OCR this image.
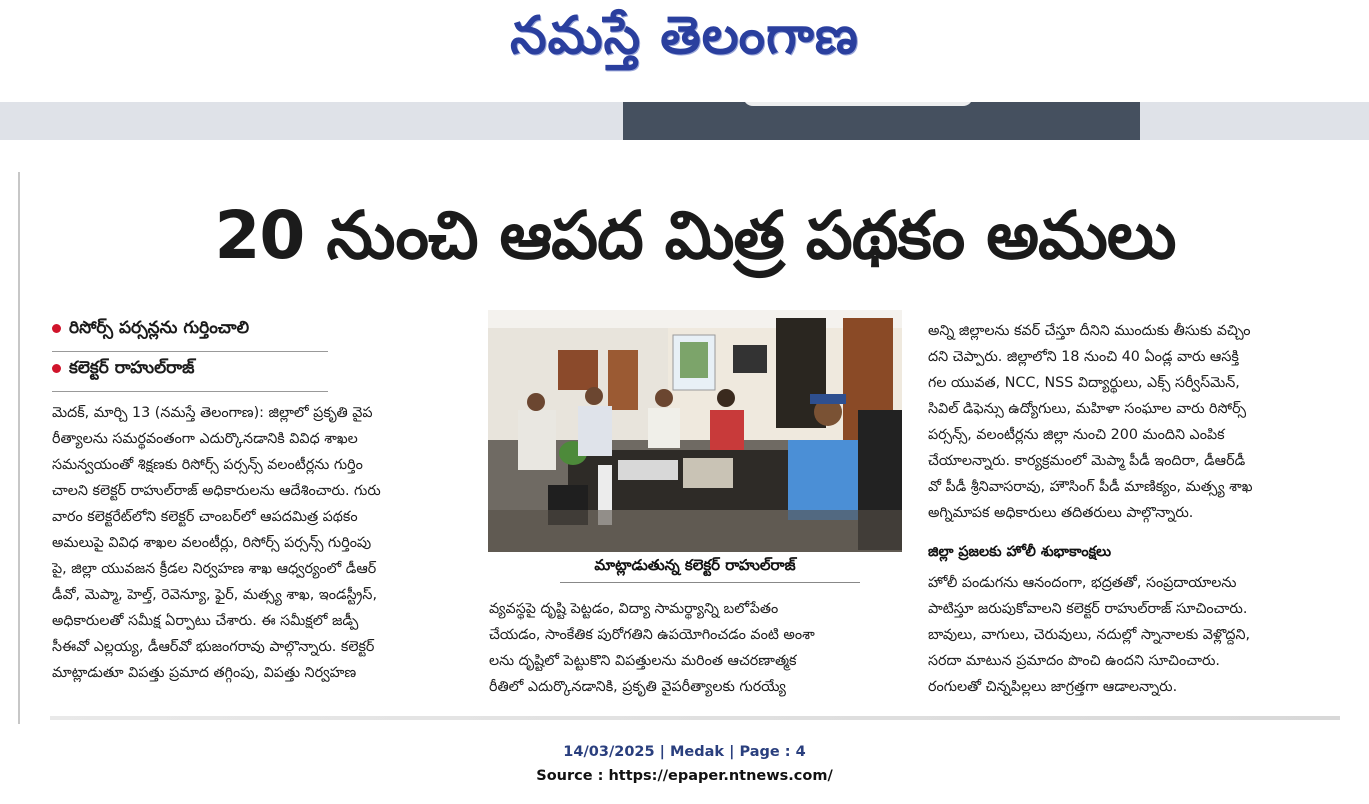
నమస్తే తెలంగాణ
20 నుంచి ఆపద మిత్ర పథకం అమలు
రిసోర్స్ పర్సన్లను గుర్తించాలి
కలెక్టర్ రాహుల్‌రాజ్
మెదక్, మార్చి 13 (నమస్తే తెలంగాణ): జిల్లాలో ప్రకృతి వైప
రీత్యాలను సమర్థవంతంగా ఎదుర్కొనడానికి వివిధ శాఖల
సమన్వయంతో శిక్షణకు రిసోర్స్ పర్సన్స్ వలంటీర్లను గుర్తిం
చాలని కలెక్టర్ రాహుల్‌రాజ్ అధికారులను ఆదేశించారు. గురు
వారం కలెక్టరేట్‌లోని కలెక్టర్ చాంబర్‌లో ఆపదమిత్ర పథకం
అమలుపై వివిధ శాఖల వలంటీర్లు, రిసోర్స్ పర్సన్స్ గుర్తింపు
పై, జిల్లా యువజన క్రీడల నిర్వహణ శాఖ ఆధ్వర్యంలో డీఆర్
డీవో, మెప్మా, హెల్త్, రెవెన్యూ, ఫైర్, మత్స్య శాఖ, ఇండస్ట్రీస్,
అధికారులతో సమీక్ష ఏర్పాటు చేశారు. ఈ సమీక్షలో జడ్పీ
సీఈవో ఎల్లయ్య, డీఆర్‌వో భుజంగరావు పాల్గొన్నారు. కలెక్టర్
మాట్లాడుతూ విపత్తు ప్రమాద తగ్గింపు, విపత్తు నిర్వహణ
మాట్లాడుతున్న కలెక్టర్ రాహుల్‌రాజ్
వ్యవస్థపై దృష్టి పెట్టడం, విద్యా సామర్థ్యాన్ని బలోపేతం
చేయడం, సాంకేతిక పురోగతిని ఉపయోగించడం వంటి అంశా
లను దృష్టిలో పెట్టుకొని విపత్తులను మరింత ఆచరణాత్మక
రీతిలో ఎదుర్కొనడానికి, ప్రకృతి వైపరీత్యాలకు గురయ్యే
అన్ని జిల్లాలను కవర్ చేస్తూ దీనిని ముందుకు తీసుకు వచ్చిం
దని చెప్పారు. జిల్లాలోని 18 నుంచి 40 ఏండ్ల వారు ఆసక్తి
గల యువత, NCC, NSS విద్యార్థులు, ఎక్స్ సర్వీస్‌మెన్,
సివిల్ డిఫెన్సు ఉద్యోగులు, మహిళా సంఘాల వారు రిసోర్స్
పర్సన్స్, వలంటీర్లను జిల్లా నుంచి 200 మందిని ఎంపిక
చేయాలన్నారు. కార్యక్రమంలో మెప్మా పీడీ ఇందిరా, డీఆర్‌డీ
వో పీడీ శ్రీనివాసరావు, హౌసింగ్ పీడీ మాణిక్యం, మత్స్య శాఖ
అగ్నిమాపక అధికారులు తదితరులు పాల్గొన్నారు.
జిల్లా ప్రజలకు హోలీ శుభాకాంక్షలు
హోలీ పండుగను ఆనందంగా, భద్రతతో, సంప్రదాయాలను
పాటిస్తూ జరుపుకోవాలని కలెక్టర్ రాహుల్‌రాజ్ సూచించారు.
బావులు, వాగులు, చెరువులు, నదుల్లో స్నానాలకు వెళ్లొద్దని,
సరదా మాటున ప్రమాదం పొంచి ఉందని సూచించారు.
రంగులతో చిన్నపిల్లలు జాగ్రత్తగా ఆడాలన్నారు.
14/03/2025 | Medak | Page : 4
Source : https://epaper.ntnews.com/
